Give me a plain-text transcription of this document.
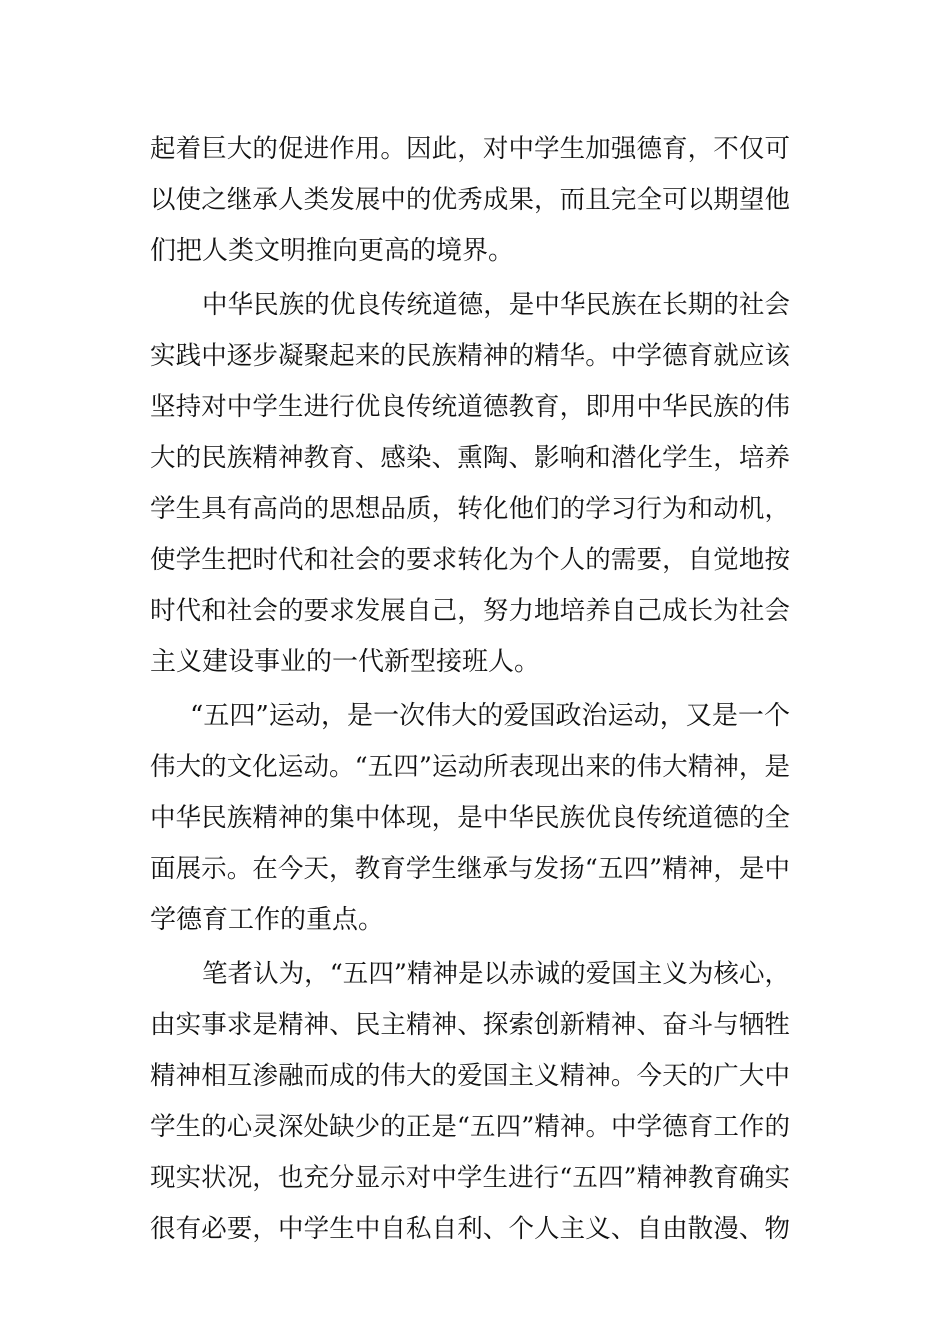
起着巨大的促进作用。因此，对中学生加强德育，不仅可
以使之继承人类发展中的优秀成果，而且完全可以期望他
们把人类文明推向更高的境界。

中华民族的优良传统道德，是中华民族在长期的社会
实践中逐步凝聚起来的民族精神的精华。中学德育就应该
坚持对中学生进行优良传统道德教育，即用中华民族的伟
大的民族精神教育、感染、熏陶、影响和潜化学生，培养
学生具有高尚的思想品质，转化他们的学习行为和动机，
使学生把时代和社会的要求转化为个人的需要，自觉地按
时代和社会的要求发展自己，努力地培养自己成长为社会
主义建设事业的一代新型接班人。

“五四”运动，是一次伟大的爱国政治运动，又是一个
伟大的文化运动。“五四”运动所表现出来的伟大精神，是
中华民族精神的集中体现，是中华民族优良传统道德的全
面展示。在今天，教育学生继承与发扬“五四”精神，是中
学德育工作的重点。

笔者认为，“五四”精神是以赤诚的爱国主义为核心，
由实事求是精神、民主精神、探索创新精神、奋斗与牺牲
精神相互渗融而成的伟大的爱国主义精神。今天的广大中
学生的心灵深处缺少的正是“五四”精神。中学德育工作的
现实状况，也充分显示对中学生进行“五四”精神教育确实
很有必要，中学生中自私自利、个人主义、自由散漫、物
